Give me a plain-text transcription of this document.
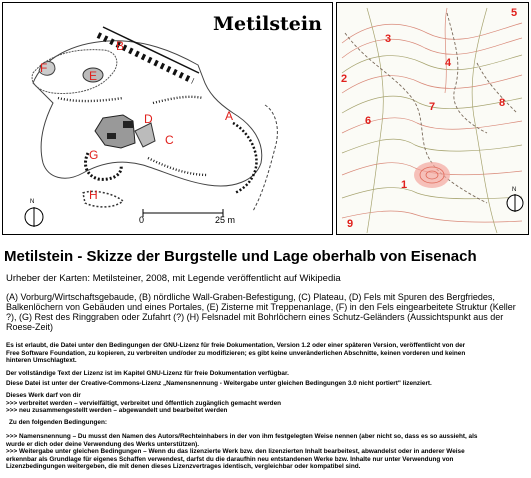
Metilstein
A
B
C
D
E
F
G
H
0	25 m
N
1
2
3
4
5
6
7	8
9
N
Metilstein - Skizze der Burgstelle und Lage oberhalb von Eisenach
Urheber der Karten: Metilsteiner, 2008, mit Legende veröffentlicht auf Wikipedia
(A) Vorburg/Wirtschaftsgebaude, (B) nördliche Wall-Graben-Befestigung, (C) Plateau, (D) Fels mit Spuren des Bergfriedes, Balkenlöchern von Gebäuden und eines Portales, (E) Zisterne mit Treppenanlage, (F) in den Fels eingearbeitete Struktur (Keller ?), (G) Rest des Ringgraben oder Zufahrt (?) (H) Felsnadel mit Bohrlöchern eines Schutz-Geländers (Aussichtspunkt aus der Roese-Zeit)
Es ist erlaubt, die Datei unter den Bedingungen der GNU-Lizenz für freie Dokumentation, Version 1.2 oder einer späteren Version, veröffentlicht von der
Free Software Foundation, zu kopieren, zu verbreiten und/oder zu modifizieren; es gibt keine unveränderlichen Abschnitte, keinen vorderen und keinen
hinteren Umschlagtext.
Der vollständige Text der Lizenz ist im Kapitel GNU-Lizenz für freie Dokumentation verfügbar.
Diese Datei ist unter der Creative-Commons-Lizenz „Namensnennung - Weitergabe unter gleichen Bedingungen 3.0 nicht portiert" lizenziert.
Dieses Werk darf von dir
>>> verbreitet werden – vervielfältigt, verbreitet und öffentlich zugänglich gemacht werden
>>> neu zusammengestellt werden – abgewandelt und bearbeitet werden
Zu den folgenden Bedingungen:
>>> Namensnennung – Du musst den Namen des Autors/Rechteinhabers in der von ihm festgelegten Weise nennen (aber nicht so, dass es so aussieht, als
wurde er dich oder deine Verwendung des Werks unterstützen).
>>> Weitergabe unter gleichen Bedingungen – Wenn du das lizenzierte Werk bzw. den lizenzierten Inhalt bearbeitest, abwandelst oder in anderer Weise
erkennbar als Grundlage für eigenes Schaffen verwendest, darfst du die daraufhin neu entstandenen Werke bzw. Inhalte nur unter Verwendung von
Lizenzbedingungen weitergeben, die mit denen dieses Lizenzvertrages identisch, vergleichbar oder kompatibel sind.
